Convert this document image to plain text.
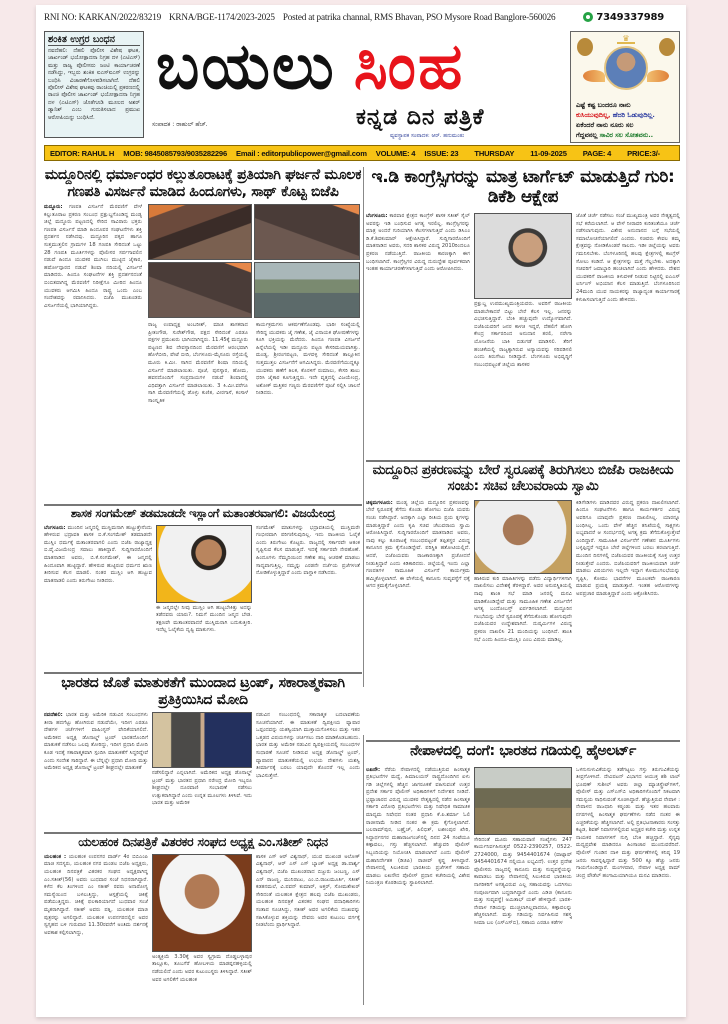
RNI NO: KARKAN/2022/83219 KRNA/BGE-1174/2023-2025 Posted at patrika channal, RMS Bhavan, PSO Mysore Road Banglore-560026	7349337989
ಶಂಕಿತ ಉಗ್ರರ ಬಂಧನ
ನವದೆಹಲಿ: ದೆಹಲಿ ಪೊಲೀಸ ವಿಶೇಷ ಘಟಕ, ಜಾರ್ಖಂಡ್ ಭಯೋತ್ಪಾದನಾ ನಿಗ್ರಹ ದಳ (ಎಟಿಎಸ್) ಮತ್ತು ರಾಜ್ಯ ಪೊಲೀಸರು ಜಂಟಿ ಕಾರ್ಯಾಚರಣೆ ನಡೆಸಿದ್ದು, ಇಬ್ಬರು ಶಂಕಿತ ಐಎಸ್‌ಐಎಸ್ ಉಗ್ರರನ್ನು ಬಂಧಿಸಿ ವಿಚಾರಣೆಗೊಳಪಡಿಸಲಾಗಿದೆ. ದೆಹಲಿ ಪೊಲೀಸ್ ವಿಶೇಷ ಘಟಕವು ರಾಂಚಿಯಲ್ಲಿ ಪ್ರಕರಣದಲ್ಲಿ ರಾಂಚಿ ಪೊಲೀಸ ಜಾರ್ಖಂಡ್ ಭಯೋತ್ಪಾದನಾ ನಿಗ್ರಹ ದಳ (ಎಟಿಎಸ್) ಜೊತೆಗೂಡಿ ಮೂಲದ ಅಶರ್ ಡ್ಯಾನಿಶ್ ಎಂಬ ಗುರುತಿಸಲಾದ ಪ್ರಮುಖ ಆರೋಪಿಯನ್ನು ಬಂಧಿಸಿದೆ.
ಬಯಲು ಸಿಂಹ
ಕನ್ನಡ ದಿನ ಪತ್ರಿಕೆ
ಸಂಪಾದಕ : ರಾಹುಲ್ ಹೆಚ್.
ವ್ಯವಸ್ಥಾಪಕ ಸಂಪಾದಕ: ಆರ್. ಹನುಮಂತು
♛
ಎಷ್ಟೆ ಕಷ್ಟ ಬಂದರೂ ನಾನು
ಕುಸಿಯುವುದಿಲ್ಲ, ಹೆದರಿ ಓಡುವುದಿಲ್ಲ.
ಏಕೆಂದರೆ ನಾನು ನೂರು ಸಲ
ಗೆದ್ದವನಲ್ಲ ಸಾವಿರ ಸಲ ಸೋತವನು..
EDITOR: RAHUL H MOB: 9845085793/9035282296 Email : editorpublicpower@gmail.com VOLUME: 4 ISSUE: 23 THURSDAY 11-09-2025 PAGE: 4 PRICE:3/-
ಮದ್ದೂರಿನಲ್ಲಿ ಧರ್ಮಾಂಧರ ಕಲ್ಲುತೂರಾಟಕ್ಕೆ ಪ್ರತಿಯಾಗಿ ಘರ್ಜನೆ ಮೂಲಕ ಗಣಪತಿ ವಿಸರ್ಜನೆ ಮಾಡಿದ ಹಿಂದೂಗಳು, ಸಾಥ್ ಕೊಟ್ಟ ಬಿಜೆಪಿ
ಮದ್ದೂರು: ಗಣಪತಿ ವಿಸರ್ಜನೆ ಮೆರವಣಿಗೆ ವೇಳೆ ಕಲ್ಲುತೂರಾಟ ಪ್ರಕರಣ ಸಂಬಂಧ ಪ್ರಕ್ಷುಬ್ಧಗೊಂಡಿದ್ದ ಮಂಡ್ಯ ಜಿಲ್ಲೆ ಮದ್ದೂರು ಪಟ್ಟಣದಲ್ಲಿ ಸೇರಿದ ಸಾವಿರಾರು ಭಕ್ತರು ಗಣಪತಿ ವಿಸರ್ಜನೆ ಮಾಡಿ ಹಿಂದೂಪರ ಸಂಘಟನೆಗಳು ಶಕ್ತಿ ಪ್ರದರ್ಶನ ನಡೆಸಿದವು. ಮದ್ದೂರಿನ ಪಕ್ಕದ ಹಾಗೂ ಸುತ್ತಮುತ್ತಲಿನ ಗ್ರಾಮಗಳ 18 ಗಣಪತಿ ಸೇರಿದಂತೆ ಒಟ್ಟು 28 ಗಣಪತಿ ಮೂರ್ತಿಗಳನ್ನು ಪೊಲೀಸರ ಸರ್ಪಗಾವಲಿನ ನಡುವೆ ಹಿಂದೂ ಯುವಕರ ಮುಗಿಲು ಮುಟ್ಟಿದ ಜೈಕಾರ, ಹರ್ಷೋದ್ಗಾರದ ನಡುವೆ ಶಿಂಷಾ ನದಿಯಲ್ಲಿ ವಿಸರ್ಜನೆ ಮಾಡಿದರು. ಹಿಂದೂ ಸಂಘಟನೆಗಳ ಶಕ್ತಿ ಪ್ರದರ್ಶನದಂತೆ ಬಿಂಬಿತವಾಗಿದ್ದ ಮೆರವಣಿಗೆ ನಿರೀಕ್ಷೆಗೂ ಮೀರಿದ ಹಿಂದೂ ಯುವಕರು ಆಗಮಿಸಿ ಹಿಂದೂ ರಾಷ್ಟ್ರ ಒಂದು ಎಂಬ ಸಂದೇಶವನ್ನು ರವಾನಿಸಿದರು. ಬಿಜೆಪಿ ಮುಖಂಡರು ವಿಸರ್ಜನೆಯಲ್ಲಿ ಭಾಗಿಯಾಗಿದ್ದರು.
ರಾಜ್ಯ ಉಪಾಧ್ಯಕ್ಷ ಅಂಬರೀಶ್, ಮಾಜಿ ಶಾಸಕರಾದ ಪ್ರೀತಂಗೌಡ, ಸುರೇಶ್‌ಗೌಡ, ಪಕ್ಷದ ಸೇರಿದಂತೆ ಎರಡೂ ಪಕ್ಷಗಳ ಪ್ರಮುಖರು ಭಾಗಿಯಾಗಿದ್ದರು. 11.45ಕ್ಕೆ ಮದ್ದೂರು ಪಟ್ಟಣದ ಶಿವ ದೇವಸ್ಥಾನದಿಂದ ಮೆರವಣಿಗೆ ಆರಂಭವಾಗಿ ಹೊಳೆಬೀದಿ, ಪೇಟೆ ಬೀದಿ, ಬೆಂಗಳೂರು-ಮೈಸೂರು ರಸ್ತೆಯಲ್ಲಿ ಮೂರು ಕಿ.ಮೀ. ಸಾಗಿದ ಮೆರವಣಿಗೆ ಶಿಂಷಾ ನದಿಯಲ್ಲಿ ವಿಸರ್ಜನೆ ಮಾಡಲಾಯಿತು. ಪೂಜೆ, ಪುನಸ್ಕಾರ, ಹೋಮ, ಹವನದೊಂದಿಗೆ ಸಂಪ್ರದಾಯಗಳ ನಡುವೆ ಶಿಂಷಾದಲ್ಲಿ ವಿಧಿವತ್ತಾಗಿ ವಿಸರ್ಜನೆ ಮಾಡಲಾಯಿತು. 3 ಕಿ.ಮೀ.ವರೆಗೂ ಸಾಗಿ ಮೆರವಣಿಗೆಯಲ್ಲಿ ಡೊಳ್ಳು ಕುಣಿತ, ವೀರಗಾಸೆ, ಕಂಸಾಳೆ ಸಾಂಸ್ಕೃತಿಕ
ಕಾರ್ಯಕ್ರಮಗಳು ಆಕರ್ಷಣೆಗೊಂಡವು. ಭಾರೀ ಸಂಖ್ಯೆಯಲ್ಲಿ ಸೇರಿದ್ದ ಯುವಕರು ಜೈ ಗಣೇಶ, ಜೈ ವಿನಾಯಕ ಘೋಷಣೆಗಳನ್ನು ಕೂಗಿ ಭಕ್ತಿಯನ್ನು ಮೆರೆದರು. ಹಿಂದೂ ಗಣಪತಿ ವಿಸರ್ಜನೆ ಹಿನ್ನೆಲೆಯಲ್ಲಿ ಇಡೀ ಮದ್ದೂರು ಪಟ್ಟಣ ಕೇಸರಿಮಯವಾಗಿತ್ತು. ಮಂಡ್ಯ, ಶ್ರೀರಂಗಪಟ್ಟಣ, ಮಳವಳ್ಳಿ ಸೇರಿದಂತೆ ತಾಲ್ಲೂಕಿನ ಸುತ್ತಮುತ್ತಲ ವಿಸರ್ಜನೆಗೆ ಆಗಮಿಸಿದ್ದರು. ಮೆರವಣಿಗೆಯುದ್ದಕ್ಕೂ ಯುವಕರು ಹಣೆಗೆ ತಿಲಕ, ಕೊರಳಿಗೆ ರುಮಾಲು, ಕೇಸರಿ ಶಾಲು ಧರಿಸಿ ಜೈಕಾರ ಕೂಗುತ್ತಿದ್ದರು. ಇದೇ ವೃತ್ತದಲ್ಲಿ ವಿಜಯೇಂದ್ರ, ಅಶೋಕ್ ಮತ್ತಿತರ ಗಣ್ಯರು ಮೆರವಣಿಗೆಗೆ ಪೂಜೆ ಸಲ್ಲಿಸಿ ಚಾಲನೆ ನೀಡಿದರು.
ಶಾಸಕ ಸಂಗಮೇಶ್ ತಡಮಾಡದೇ ಇಸ್ಲಾಂಗೆ ಮತಾಂತರವಾಗಲಿ: ವಿಜಯೇಂದ್ರ
ಬೆಂಗಳೂರು: ಮುಂದಿನ ಜನ್ಮದಲ್ಲಿ ಮುಸ್ಲಿಮನಾಗಿ ಹುಟ್ಟುತ್ತೇನೆಂದು ಹೇಳಿರುವ ಭದ್ರಾವತಿ ಶಾಸಕ ಬಿ.ಕೆ.ಸಂಗಮೇಶ್ ತಡಮಾಡದೇ ಮುಸ್ಲಿಂ ಧರ್ಮಕ್ಕೆ ಮತಾಂತರವಾಗಲಿ ಎಂದು ಬಿಜೆಪಿ ರಾಜ್ಯಾಧ್ಯಕ್ಷ ಬಿ.ವೈ.ವಿಜಯೇಂದ್ರ ಸವಾಲು ಹಾಕಿದ್ದಾರೆ. ಸುದ್ದಿಗಾರರೊಂದಿಗೆ ಮಾತನಾಡಿದ ಅವರು, ಬಿ.ಕೆ.ಸಂಗಮೇಶ್, ಈ ಜನ್ಮದಲ್ಲಿ ಹಿಂದೂವಾಗಿ ಹುಟ್ಟಿದ್ದಾರೆ. ಹೇಳಿರುವ ಹುಟ್ಟಿರುವ ಧರ್ಮದ ಋಣ ತೀರಿಸುವ ಕೆಲಸ ಮಾಡಲಿ. ನಂತರ ಮುಸ್ಲಿಂ ಆಗಿ ಹುಟ್ಟುವ ಮಾತನಾಡಲಿ ಎಂದು ತಿರುಗೇಟು ನೀಡಿದರು.
ಈ ಜನ್ಮದಲ್ಲೇ ನೀವು ಮುಸ್ಲಿಂ ಆಗಿ ಹುಟ್ಟಬೇಕಿತ್ತು ಅದನ್ನು ತಡೆದವರು ಯಾರು?. ನಿಮಗೆ ಮುಂದಿನ ಜನ್ಮದ ಬೇಡ. ತಕ್ಷಣವೇ ಮತಾಂತರವಾದರೆ ಮುಸ್ಲಿಮರಾಗಿ ಬದುಕುತ್ತೀರಿ. ಇದೆಲ್ಲ ಓಲೈಕೆಯ ದೃಷ್ಟಿ ಮಾತುಗಳು.
ಸಂಗಮೇಶ್ ಮಾತುಗಳನ್ನು ಭದ್ರಾವತಿಯಲ್ಲಿ ಮುಸ್ಲಿಮರೇ ಗಂಭೀರವಾಗಿ ಪರಿಗಣಿಸುವುದಿಲ್ಲ. ಇದು ರಾಜಕೀಯ ಓಲೈಕೆ ಎಂದು ತಿರುಗೇಟು ಕೊಟ್ಟರು. ರಾಜ್ಯದಲ್ಲಿ ಸರ್ಕಾರವೇ ಆತಂಕ ಸೃಷ್ಟಿಸುವ ಕೆಲಸ ಮಾಡುತ್ತಿದೆ. ಇದಕ್ಕೆ ಸರ್ಕಾರವೇ ನೇರಹೊಣೆ. ಹಿಂದೂಗಳು ನೆಮ್ಮದಿಯಿಂದ ಗಣೇಶ ಹಬ್ಬ ಆಚರಣೆ ಮಾಡಲು ಸಾಧ್ಯವಾಗುತ್ತಿಲ್ಲ. ನಮ್ಮನ್ನು ಎರಡನೇ ದರ್ಜೆಯ ಪ್ರಜೆಗಳಂತೆ ನೋಡಿಕೊಳ್ಳುತ್ತಿದ್ದಾರೆ ಎಂದು ವಾಗ್ದಾಳಿ ನಡೆಸಿದರು.
ಭಾರತದ ಜೊತೆ ಮಾತುಕತೆಗೆ ಮುಂದಾದ ಟ್ರಂಪ್, ಸಕಾರಾತ್ಮಕವಾಗಿ ಪ್ರತಿಕ್ರಿಯಿಸಿದ ಮೋದಿ
ನವದೆಹಲಿ: ಭಾರತ ಮತ್ತು ಅಮೆರಿಕ ನಡುವಿನ ಸಂಬಂಧಗಳು ತೀರಾ ಹದಗೆಟ್ಟು ಹೋಗಿರುವ ನಡುವೆಯೇ, ಇದೀಗ ಎರಡೂ ದೇಶಗಳ ಚರ್ಚೆಗಳಿಗೆ ವಾಷಿಂಗ್ಟನ್ ವೇದಿಕೆಯಾಗಲಿದೆ. ಅಮೆರಿಕದ ಅಧ್ಯಕ್ಷ ಡೊನಾಲ್ಡ್ ಟ್ರಂಪ್ ಭಾರತದೊಂದಿಗೆ ಮಾತುಕತೆ ನಡೆಸಲು ಒಲವು ತೋರಿದ್ದು, ಇದೀಗ ಪ್ರಧಾನಿ ಮೋದಿ ಕೂಡ ಇದಕ್ಕೆ ಸಕಾರಾತ್ಮಕವಾಗಿ ಸ್ಪಂದಿಸಿ ಮಾತುಕತೆಗೆ ಸಿದ್ಧರಿದ್ದೇವೆ ಎಂದು ಸಂದೇಶ ಸಾರಿದ್ದಾರೆ. ಈ ಬೆನ್ನಲ್ಲೇ ಪ್ರಧಾನಿ ಮೋದಿ ಮತ್ತು ಅಮೆರಿಕದ ಅಧ್ಯಕ್ಷ ಡೊನಾಲ್ಡ್ ಟ್ರಂಪ್ ಶೀಘ್ರದಲ್ಲೇ ಮಾತುಕತೆ
ನಡೆಸಲಿದ್ದಾರೆ ಎನ್ನಲಾಗಿದೆ. ಅಮೆರಿಕದ ಅಧ್ಯಕ್ಷ ಡೊನಾಲ್ಡ್ ಟ್ರಂಪ್ ಮತ್ತು ಭಾರತದ ಪ್ರಧಾನಿ ನರೇಂದ್ರ ಮೋದಿ ಇಬ್ಬರೂ ಶೀಘ್ರದಲ್ಲೇ ದೂರವಾಣಿ ಸಂಭಾಷಣೆ ನಡೆಸಲು ಉತ್ಸುಕರಾಗಿದ್ದಾರೆ ಎಂದು ಉನ್ನತ ಮೂಲಗಳು ತಿಳಿಸಿವೆ. ಇದು ಭಾರತ ಮತ್ತು ಅಮೆರಿಕ
ನಡುವಿನ ಸಂಬಂಧದಲ್ಲಿ ಸಕಾರಾತ್ಮಕ ಬದಲಾವಣೆಯ ಸೂಚನೆಯಾಗಿದೆ. ಈ ಮಾತುಕತೆ ದ್ವಿಪಕ್ಷೀಯ ವ್ಯಾಪಾರ ಒಪ್ಪಂದವನ್ನು ಯಶಸ್ವಿಯಾಗಿ ಮುಕ್ತಾಯಗೊಳಿಸಲು ಮತ್ತು ಇತರ ಒತ್ತಡದ ವಿಷಯಗಳನ್ನು ಚರ್ಚಿಸಲು ದಾರಿ ಮಾಡಿಕೊಡಬಹುದು. ಭಾರತ ಮತ್ತು ಅಮೆರಿಕ ನಡುವಿನ ದ್ವಿಪಕ್ಷೀಯದಲ್ಲಿ ಸಂಬಂಧಗಳ ಸುಧಾರಣೆ ಸೂಚನೆ ನೀಡಿರುವ ಅಧ್ಯಕ್ಷ ಡೊನಾಲ್ಡ್ ಟ್ರಂಪ್, ವ್ಯಾಪಾರದ ಮಾತುಕತೆಯಲ್ಲಿ ಉಭಯ ದೇಶಗಳು ಯಶಸ್ವಿ ತೀರ್ಮಾನಕ್ಕೆ ಬರಲು ಯಾವುದೇ ತೊಂದರೆ ಇಲ್ಲ ಎಂದು ಭಾವಿಸುತ್ತೇನೆ.
ಯಲಹಂಕ ದಿನಪತ್ರಿಕೆ ವಿತರಕರ ಸಂಘದ ಅಧ್ಯಕ್ಷ ಎಂ.ಸತೀಶ್ ನಿಧನ
ಯಲಹಂಕ : ಯಲಹಂಕ ಉಪನಗರ ವಾರ್ಡ್ 4ರ ಬಿಬಿಎಂಪಿ ಮಾಜಿ ಸದಸ್ಯರು, ಯಲಹಂಕ ನಗರ ಮಂಡಲ ಬಿಜೆಪಿ ಅಧ್ಯಕ್ಷರು, ಯಲಹಂಕ ದಿನಪತ್ರಿಕೆ ವಿತರಕರ ಸಂಘದ ಅಧ್ಯಕ್ಷರಾಗಿದ್ದ ಎಂ.ಸತೀಶ್(56) ಅವರು ಬುಧವಾರ ಸಂಜೆ ನಿಧನರಾಗಿದ್ದಾರೆ. ಕಳೆದ ಕೆಲ ತಿಂಗಳಿಂದ ಎಂ ಸತೀಶ್ ರವರು ಅನಾರೋಗ್ಯ ಸಮಸ್ಯೆಯಿಂದ ಬಳಲುತ್ತಿದ್ದು, ಆಸ್ಪತ್ರೆಯಲ್ಲಿ ಚಿಕಿತ್ಸೆ ಪಡೆಯುತ್ತಿದ್ದರು. ಚಿಕಿತ್ಸೆ ಫಲಕಾರಿಯಾಗದೆ ಬುಧವಾರ ಸಂಜೆ ಮೃತರಾಗಿದ್ದಾರೆ. ಸತೀಶ್ ಅವರು ಪತ್ನಿ, ಯಲಹಂಕ ಮಾಜಿ ಪುತ್ರರನ್ನು ಅಗಲಿದ್ದಾರೆ. ಯಲಹಂಕ ಉಪನಗರದಲ್ಲಿನ ಅವರ ಸ್ವಗೃಹದ ಬಳಿ ಗುರುವಾರ 11.30ರವರೆಗೆ ಅಂತಿಮ ದರ್ಶನಕ್ಕೆ ಅವಕಾಶ ಕಲ್ಪಿಸಲಾಗಿದ್ದು,
ಅಂತ್ಯಕ್ರಿಯೆ 3.30ಕ್ಕೆ ಅವರ ಸ್ವಗ್ರಾಮ ದೊಡ್ಡಬಳ್ಳಾಪುರ ತಾಲ್ಲೂಕು, ತೂಬಗೆರೆ ಹೋಬಳಿಯ ಮಾಡಪ್ಪನಹಳ್ಳಿಯಲ್ಲಿ ನಡೆಯಲಿದೆ ಎಂದು ಅವರ ಕುಟುಂಬಸ್ಥರು ತಿಳಿಸಿದ್ದಾರೆ. ಸತೀಶ್ ಅವರ ಅಗಲಿಕೆಗೆ ಯಲಹಂಕ
ಶಾಸಕ ಎಸ್ ಆರ್ ವಿಶ್ವನಾಥ್, ಯುವ ಮುಖಂಡ ಅಲೋಕ್ ವಿಶ್ವನಾಥ್, ಆರ್ ಎಸ್ ಎಸ್ ಬ್ಯಾಂಕ್ ಅಧ್ಯಕ್ಷ ಡಾ.ಪಾರ್ಶ್ವ ವಿಶ್ವನಾಥ್, ಬಿಜೆಪಿ ಮುಖಂಡರಾದ ಬಿಜ್ಜುರು ಜಂಬಣ್ಣ, ಎಸ್ ಎನ್ ರಾಜಣ್ಣ, ಮುನಿರಾಜು, ಎಂ.ಬಿ.ರಾಜುಮೂರ್ತಿ, ಸತೀಶ್ ಕಡತನಮಲೆ, ವಿ.ಪವನ್ ಕುಮಾರ್, ಅಕ್ತರ್, ಸೋಮಶೇಖರ್ ಸೇರಿದಂತೆ ಯಲಹಂಕ ಕ್ಷೇತ್ರದ ಹಲವು ಬಿಜೆಪಿ ಮುಖಂಡರು, ಯಲಹಂಕ ದಿನಪತ್ರಿಕೆ ವಿತರಕರ ಸಂಘದ ಪದಾಧಿಕಾರಿಗಳು ಸಂತಾಪ ಸೂಚಿಸಿದ್ದು, ಸತೀಶ್ ಅವರ ಅಗಲಿಕೆಯ ದುಃಖವನ್ನು ಸಹಿಸಿಕೊಳ್ಳುವ ಶಕ್ತಿಯನ್ನು ದೇವರು ಅವರ ಕುಟುಂಬ ವರ್ಗಕ್ಕೆ ನೀಡಲೆಂದು ಪ್ರಾರ್ಥಿಸಿದ್ದಾರೆ.
ಇ.ಡಿ ಕಾಂಗ್ರೆಸ್ಸಿಗರನ್ನು ಮಾತ್ರ ಟಾರ್ಗೆಟ್ ಮಾಡುತ್ತಿದೆ ಗುರಿ: ಡಿಕೆಶಿ ಆಕ್ಷೇಪ
ಬೆಂಗಳೂರು: ಕಾರವಾರ ಕ್ಷೇತ್ರದ ಕಾಂಗ್ರೆಸ್ ಶಾಸಕ ಸತೀಶ್ ಸೈಲ್ ಅವರನ್ನು ಇಡಿ ಬಂಧಿಸುವ ಅಗತ್ಯ ಇರಲಿಲ್ಲ. ಕಾಂಗ್ರೆಸ್ಸಿಗರನ್ನು ಮಾತ್ರ ಅಂದರೆ ಗುರಿಯಾಗಿಸಿ ಕೆಲಸಗಳಾಗುತ್ತಿವೆ ಎಂದು ಡಿಸಿಎಂ ಡಿ.ಕೆ.ಶಿವಕುಮಾರ್ ಆಕ್ಷೇಪಿಸಿದ್ದಾರೆ. ಸುದ್ದಿಗಾರರೊಂದಿಗೆ ಮಾತನಾಡಿದ ಅವರು, ಸದರಿ ಶಾಸಕರ ವಿರುದ್ಧ 2010ರಿಂದಲೂ ಪ್ರಕರಣ ನಡೆಯುತ್ತಿದೆ. ರಾಜಕೀಯ ಕಾರಣಕ್ಕಾಗಿ ಈಗ ಬಂಧಿಸಲಾಗಿದೆ. ಕಾಂಗ್ರೆಸ್ಸಿಗರ ವಿರುದ್ಧ ದುರುದ್ದೇಶ ಪೂರ್ವಕವಾಗಿ ಇಂತಹ ಕಾರ್ಯಾಚರಣೆಗಳಾಗುತ್ತಿವೆ ಎಂದು ಆರೋಪಿಸಿದರು.
ಪ್ರಕ್ಷುಬ್ಧ ಉಪಮುಖ್ಯಮಂತ್ರಿಯವರು. ಅವರಿಗೆ ರಾಜಕೀಯ ಮಾಡಬೇಕಾದರೆ ಬಿಟ್ಟು ಬೇರೆ ಕೆಲಸ ಇಲ್ಲ. ಜನರನ್ನು ವಿಭಜಿಸುತ್ತಿದ್ದಾರೆ. ಬೆಂಕಿ ಹಚ್ಚುವುದೇ ಉದ್ಯೋಗವಾಗಿದೆ. ಬಿಜೆಪಿಯವರಿಗೆ ಜನರ ಕಾಳಜಿ ಇದ್ದರೆ, ದೆಹಲಿಗೆ ಹೋಗಿ ಕೇಂದ್ರ ಸರ್ಕಾರದಿಂದ ಅನುದಾನ ತರಲಿ, ನರೇಗಾ ಯೋಜನೆಯ ಬಾಕಿ ಬಿಡುಗಡೆ ಮಾಡಿಸಲಿ. ತೆರಿಗೆ ಹಂಚಿಕೆಯಲ್ಲಿ ರಾಜ್ಯಕ್ಕಾಗಿರುವ ಅನ್ಯಾಯವನ್ನು ಸರಿಪಡಿಸಲಿ ಎಂದು ತಿರುಗೇಟು ನೀಡಿದ್ದಾರೆ. ಬೆಂಗಳೂರು ಅಭಿವೃದ್ಧಿಗೆ ಸಂಬಂಧಪಟ್ಟಂತೆ ಜಿಲ್ಲೆಯ ಶಾಸಕರ
ಜೊತೆ ಚರ್ಚೆ ನಡೆಸಲು ಸಂಜೆ ಮುಖ್ಯಮಂತ್ರಿ ಅವರ ನೇತೃತ್ವದಲ್ಲಿ ಸಭೆ ಕರೆಯಲಾಗಿದೆ. ಆ ವೇಳೆ ನೀರಾವರಿ ಕುರಿತಂತೆಯೂ ಚರ್ಚೆ ನಡೆಸಲಾಗುವುದು. ವಿಶೇಷ ಅನುದಾನದ ಬಗ್ಗೆ ಸಭೆಯಲ್ಲಿ ಸಮಾಲೋಚನೆಯಾಗಲಿದೆ ಎಂದರು. ಸಚಿವರು ಕೇವಲ ತಮ್ಮ ಕ್ಷೇತ್ರವನ್ನು ನೋಡಿಕೊಂಡರೆ ಸಾಲದು. ಇಡೀ ಜಿಲ್ಲೆಯನ್ನು ಅವರು ಗಮನಿಸಬೇಕು. ಬೆಂಗಳೂರಿನಲ್ಲಿ ಹಲವು ಕ್ಷೇತ್ರಗಳಲ್ಲಿ ಕಾಂಗ್ರೆಸ್ ಸೋಲು ಕಂಡಿದೆ. ಆ ಕ್ಷೇತ್ರಗಳನ್ನು ಮತ್ತೆ ಗೆಲ್ಲಬೇಕು. ಅದಕ್ಕಾಗಿ ಸಚಿವರಿಗೆ ಜವಾಬ್ದಾರಿ ಹಂಚಲಾಗಿದೆ ಎಂದು ಹೇಳಿದರು. ದೇಶದ ಯುವಕರಿಗೆ ರಾಜಕೀಯ ತಿಳುವಳಿಕೆ ನೀಡುವ ನಿಟ್ಟಿನಲ್ಲಿ ಐಎಎಸ್ ಲರ್ನಿಂಗ್ ಅಭಿಯಾನ ಕೆಲಸ ಮಾಡುತ್ತಿದೆ. ಬೆಂಗಳೂರಿನಿಂದ 24ಮಂದಿ ಯುವ ನಾಯಕರನ್ನು ರಾಜ್ಯಾದ್ಯಂತ ಕಾರ್ಯಾಗಾರಕ್ಕೆ ಕಳುಹಿಸಲಾಗುತ್ತಿದೆ ಎಂದು ಹೇಳಿದರು.
ಮದ್ದೂರಿನ ಪ್ರಕರಣವನ್ನು ಬೇರೆ ಸ್ವರೂಪಕ್ಕೆ ತಿರುಗಿಸಲು ಬಿಜೆಪಿ ರಾಜಕೀಯ ಸಂಚು: ಸಚಿವ ಚೆಲುವರಾಯ ಸ್ವಾಮಿ
ಚಿಕ್ಕಮಗಳೂರು: ಮಂಡ್ಯ ಜಿಲ್ಲೆಯ ಮದ್ದೂರಿನ ಪ್ರಕರಣವನ್ನು ಬೇರೆ ಸ್ವರೂಪಕ್ಕೆ ತೆಗೆದು ಕೊಂಡು ಹೋಗಲು ಬಿಜೆಪಿ ಯವರು ಸಂಚು ನಡೆಸಿದ್ದಾರೆ. ಅದಕ್ಕಾಗಿ ಎಲ್ಲಾ ರೀತಿಯ ಪ್ರಯ ತ್ನಗಳನ್ನು ಮಾಡುತ್ತಿದ್ದಾರೆ ಎಂದು ಕೃಷಿ ಸಚಿವ ಚೆಲುವರಾಯ ಸ್ವಾಮಿ ಆರೋಪಿಸಿದ್ದಾರೆ. ಸುದ್ದಿಗಾರರೊಂದಿಗೆ ಮಾತನಾಡಿದ ಅವರು, ನಾವು ಕಲ್ಲು ತೂರಾಟಕ್ಕೆ ಸಂಬಂಧಪಟ್ಟಂತೆ ತಪ್ಪಿತಸ್ಥರ ವಿರುದ್ಧ ಕಾನೂನಿನ ಕ್ರಮ ಕೈಗೊಂಡಿದ್ದೇವೆ. ಪರಿಸ್ಥಿತಿ ಹತೋಟಿಯಲ್ಲಿದೆ. ಆದರೆ, ಬಿಜೆಪಿಯವರು ರಾಜಕಾರಣಕ್ಕಾಗಿ ಪ್ರಚೋದನೆ ನೀಡುತ್ತಿದ್ದಾರೆ ಎಂದು ಕಿಡಿಕಾರಿದರು. ಜಿಲ್ಲೆಯಲ್ಲಿ ಇಂದು ಎಲ್ಲಾ ಗಣಪತಿಗಳ ಸಾಮೂಹಿಕ ವಿಸರ್ಜನೆ ಕಾರ್ಯಕ್ರಮ ಹಮ್ಮಿಕೊಳ್ಳಲಾಗಿದೆ. ಈ ವೇಳೆಯಲ್ಲಿ ಕಾನೂನು ಸುವ್ಯವಸ್ಥೆಗೆ ಧಕ್ಕೆ ಆಗದ ಕ್ರಮಕೈಗೊಳ್ಳಲಾಗಿದೆ.
ಹಾಕಿರುವ ಕುರಿ ಮಾಹಿತಿಗಳನ್ನು ಪಡೆದು ವಿದ್ಯಾರ್ಥಿಗಳಿಗಾಗಿ ದಾಖಲಿಸಲು ವಿದೇಶಕ್ಕೆ ತೆರಳಿದ್ದಾರೆ. ಅವರ ಅನುಪಸ್ಥಿತಿಯಲ್ಲಿ ನಾವು ಶಾಂತಿ ಸಭೆ ಮಾಡಿ ಜನರಲ್ಲಿ ಮನವಿ ಮಾಡಿಕೊಂಡಿದ್ದೇವೆ ಮತ್ತು ಸಾಮೂಹಿಕ ಗಣೇಶ ವಿಸರ್ಜನೆಗೆ ಅಗತ್ಯ ಬಂದೋಬಸ್ತ್ ಏರ್ಪಡಿಸಲಾಗಿದೆ. ಮದ್ದೂರಿನ ಗಲಭೆಯನ್ನು ಬೇರೆ ಸ್ವರೂಪಕ್ಕೆ ತೆಗೆದುಕೊಂಡು ಹೋಗುವುದೇ ಬಿಜೆಪಿಯವರ ಉದ್ದೇಶವಾಗಿದೆ. ದುಷ್ಕರ್ಮಿಗಳ ವಿರುದ್ಧ ಪ್ರಕರಣ ದಾಖಲಿಸಿ 21 ಮಂದಿಯನ್ನು ಬಂಧಿಸಿದೆ. ಶಾಂತಿ ಸಭೆ ಎಂದು ಹಿಂದೂ-ಮುಸ್ಲಿಂ ಎಂಬ ವಿಷಯ ಮಾಡಿಲ್ಲ.
ಕಿಡಿಗೇಡಿಗಳು ಮಾಡಿದವರ ವಿರುದ್ಧ ಪ್ರಕರಣ ದಾಖಲಿಸಲಾಗಿದೆ. ಹಿಂದೂ ಸಂಘಟನೆಗಳು ಹಾಗೂ ಕಾರ್ಯಕರ್ತರ ವಿರುದ್ಧ ಅವರಿಗೂ ಯಾವುದೇ ಪ್ರಕರಣ ದಾಖಲಿಸಿಲ್ಲ. ಯಾರನ್ನೂ ಬಂಧಿಸಿಲ್ಲ. ಒಂದು ವೇಳೆ ಹೆಚ್ಚಿನ ತನಿಖೆಯಲ್ಲಿ ಸಾಕ್ಷ್ಯಗಳು ಲಭ್ಯವಾದರೆ ಆ ಸಂದರ್ಭದಲ್ಲಿ ಅಗತ್ಯ ಕ್ರಮ ತೆಗೆದುಕೊಳ್ಳುತ್ತೇವೆ ಎಂದಿದ್ದಾರೆ. ಸಾಮೂಹಿಕ ವಿಸರ್ಜನೆಗೆ ಗಣೇಶನ ಮೂರ್ತಿಗಳು ಬಳ್ಳಪ್ಪಿದ್ದರೆ ಇದ್ದರೂ ಬೇರೆ ಜಿಲ್ಲೆಗಳಿಂದ ಬರಲು ತರಲಾಗುತ್ತಿದೆ. ಮುಂದಿನ ದಿನಗಳಲ್ಲಿ ಬಿಜೆಪಿಯವರ ರಾಜಕೀಯಕ್ಕೆ ಸೂಕ್ತ ಉತ್ತರ ನೀಡುತ್ತೇವೆ ಎಂದರು. ಬಿಜೆಪಿಯವರಿಗೆ ರಾಜಕೀಯವಾಗಿ ಚರ್ಚೆ ಮಾಡಲು ವಿಷಯಗಳು ಇಲ್ಲದೇ ಇದ್ದಾಗ ಕೋಮುಗಲಭೆಯನ್ನು ಸೃಷ್ಟಿಸಿ, ಕೋಮು ಭಾವನೆಗಳ ಮೂಲಕವೇ ರಾಜಕಾರಣ ಮಾಡುವ ಪ್ರಯತ್ನ ಮಾಡುತ್ತಾರೆ. ಇಂತಹ ಆರೋಪಗಳನ್ನು ಅಪಪ್ರಚಾರ ಮಾಡುತ್ತಿದ್ದಾರೆ ಎಂದು ಆಕ್ರೋಶಿಸಿದರು.
ನೇಪಾಳದಲ್ಲಿ ದಂಗೆ: ಭಾರತದ ಗಡಿಯಲ್ಲಿ ಹೈಅಲರ್ಟ್
ಲಖನೌ: ನೆರೆಯ ನೇಪಾಳದಲ್ಲಿ ನಡೆಯುತ್ತಿರುವ ಹಿಂಸಾತ್ಮಕ ಪ್ರತಿಭಟನೆಗಳ ಮಧ್ಯೆ, ಹಿಮಾಲಯನ್ ರಾಷ್ಟ್ರದೊಂದಿಗಿನ ಏಳು ಗಡಿ ಜಿಲ್ಲೆಗಳಲ್ಲಿ ಹೆಚ್ಚಿನ ಜಾಗರೂಕತೆ ವಹಿಸುವಂತೆ ಉತ್ತರ ಪ್ರದೇಶ ಸರ್ಕಾರ ಪೊಲೀಸ್ ಅಧಿಕಾರಿಗಳಿಗೆ ನಿರ್ದೇಶನ ನೀಡಿದೆ. ಭ್ರಷ್ಟಾಚಾರದ ವಿರುದ್ಧ ಯುವಕರ ನೇತೃತ್ವದಲ್ಲಿ ನಡೆದ ಹಿಂಸಾತ್ಮಕ ಸರ್ಕಾರಿ ವಿರೋಧಿ ಪ್ರತಿಭಟನೆಗಳು ಮತ್ತು ನಿಷೇಧಿತ ಸಾಮಾಜಿಕ ಮಾಧ್ಯಮ ನಿಷೇಧದ ನಂತರ ಪ್ರಧಾನಿ ಕೆ.ಪಿ.ಶರ್ಮಾ ಓಲಿ ರಾಜೀನಾಮೆ ನೀಡಿದ ನಂತರ ಈ ಕ್ರಮ ಕೈಗೊಳ್ಳಲಾಗಿದೆ. ಬಲರಾಮ್‌ಪುರ, ಬಹ್ರೈಚ್, ಪಿಲಿಭಿತ್, ಲಖೀಂಪುರ ಖೇರಿ, ಸಿದ್ಧಾರ್ಥನಗರ ಮಹಾರಾಜಗಂಜ್‌ನಲ್ಲಿ ದಿನದ 24 ಗಂಟೆಯೂ ಕಣ್ಗಾವಲು, ಗಸ್ತು ಹೆಚ್ಚಿಸಲಾಗಿದೆ. ಹೆಚ್ಚುವರಿ ಪೊಲೀಸ್ ಸಿಬ್ಬಂದಿಯನ್ನು ನಿಯೋಜಿಸಿ ಮಾಡಲಾಗಿದೆ ಎಂದು ಪೊಲೀಸ್ ಮಹಾನಿರ್ದೇಶಕ (ಡಿಜಿಪಿ) ರಾಜೀವ್ ಕೃಷ್ಣ ತಿಳಿಸಿದ್ದಾರೆ. ನೇಪಾಳದಲ್ಲಿ ಸಿಲುಕಿರುವ ಭಾರತೀಯ ಪ್ರಜೆಗಳಿಗೆ ಸಹಾಯ ಮಾಡಲು ಲಖನೌದ ಪೊಲೀಸ್ ಪ್ರಧಾನ ಕಚೇರಿಯಲ್ಲಿ ವಿಶೇಷ ನಿಯಂತ್ರಣ ಕೊಠಡಿಯನ್ನು ಸ್ಥಾಪಿಸಲಾಗಿದೆ.
ಸೇರಿದಂತೆ ಮೂರು ಸಹಾಯವಾಣಿ ಸಂಖ್ಯೆಗಳು 247 ಕಾರ್ಯನಿರ್ವಹಿಸುತ್ತವೆ 0522-2390257, 0522-2724000, ಮತ್ತು 9454401674 (ವಾಟ್ಸಾಪ್ 9454401674 ನಲ್ಲಿಯೂ ಲಭ್ಯವಿದೆ). ಉತ್ತರ ಪ್ರದೇಶ ಪೊಲೀಸರು ರಾಜ್ಯದಲ್ಲಿ ಕಾನೂನು ಮತ್ತು ಸುವ್ಯವಸ್ಥೆಯನ್ನು ಕಾಪಾಡಲು ಮತ್ತು ನೇಪಾಳದಲ್ಲಿ ಸಿಲುಕಿರುವ ಭಾರತೀಯ ನಾಗರಿಕರಿಗೆ ಅಗತ್ಯವಿರುವ ಎಲ್ಲ ಸಹಾಯವನ್ನು ಒದಗಿಸಲು ಸಂಪೂರ್ಣವಾಗಿ ಬದ್ಧರಾಗಿದ್ದಾರೆ ಎಂದು ಎಡಿಜಿ (ಕಾನೂನು ಮತ್ತು ಸುವ್ಯವಸ್ಥೆ) ಅಮಿತಾಭ್ ಯಶ್ ಹೇಳಿದ್ದಾರೆ. ಭಾರತ-ನೇಪಾಳ ಗಡಿಯನ್ನು ಮುಚ್ಚಲಾಗಿಲ್ಲವಾದರೂ, ಕಣ್ಗಾವಲನ್ನು ಹೆಚ್ಚಿಸಲಾಗಿದೆ. ಮತ್ತು ಗಡಿಯನ್ನು ನಿರ್ವಹಿಸುವ ಸಶಸ್ತ್ರ ಸೀಮಾ ಬಲ (ಎಸ್‌ಎಸ್‌ಬಿ), ಸಹಾಯ ಎರಡೂ ಕಡೆಗಳ
ಒಳನುಸುಳುವಿಕೆಯನ್ನು ತಡೆಗಟ್ಟಲು ಗಸ್ತು ತಿರುಗುವಿಕೆಯನ್ನು ತೀವ್ರಗೊಳಿಸಿದೆ. ದೇವಿಪಟನ್ ವಿಭಾಗದ ಆಯುಕ್ತ ಶಶಿ ಲಾಲ್ ಭೂಷಣ್ ಸುಶೀಲ್ ಅವರು ಜಿಲ್ಲಾ ಮ್ಯಾಜಿಸ್ಟ್ರೇಟ್‌ಗಳಿಗೆ, ಪೊಲೀಸ್ ಮತ್ತು ಎಸ್‌ಎಸ್‌ಬಿ ಅಧಿಕಾರಿಗಳೊಂದಿಗೆ ನಿಕಟವಾಗಿ ಸಮನ್ವಯ ಸಾಧಿಸುವಂತೆ ಸೂಚಿಸಿದ್ದಾರೆ. ಹೆಚ್ಚುತ್ತಿರುವ ನೇಪಾಳ : ನೇಪಾಳದ ರಾಜಧಾನಿ ಕಠ್ಮಂಡು ಮತ್ತು ಇತರ ಹಲವಾರು ನಗರಗಳಲ್ಲಿ ಹಿಂಸಾತ್ಮಕ ಘರ್ಷಣೆಗಳು ನಡೆದ ನಂತರ ಈ ಎಚ್ಚರಿಕೆಯನ್ನು ಹೆಚ್ಚಿಸಲಾಗಿದೆ. ಅಲ್ಲಿ ಪ್ರತಿಭಟನಾಕಾರರು ಸಂಸತ್ತು ಕಟ್ಟಡ, ಶಿವಶ್ ನಿವಾಸಗಳಲ್ಲಿರುವ ಅಧ್ಯಕ್ಷರ ಕಚೇರಿ ಮತ್ತು ಉನ್ನತ ನಾಯಕರ ನಿವಾಸಗಳಿಗೆ ನುಗ್ಗಿ ಬೆಂಕಿ ಹಚ್ಚಿದ್ದಾರೆ. ಸೈನ್ಯವು ಮಧ್ಯಪ್ರವೇಶ ಮಾಡಿದರೂ ಹಿಂಸಾಚಾರ ಮುಂದುವರೆದಿದೆ. ಪೊಲೀಸ್ ಗುಂಡಿನ ದಾಳಿ ಮತ್ತು ಘರ್ಷಣೆಗಳಲ್ಲಿ ಕನಿಷ್ಠ 19 ಜನರು ಸಾವನ್ನಪ್ಪಿದ್ದಾರೆ ಮತ್ತು 500 ಕ್ಕೂ ಹೆಚ್ಚು ಜನರು ಗಾಯಗೊಂಡಿದ್ದಾರೆ. ಮಂಗಳವಾರ, ನೇಪಾಳ ಅಧ್ಯಕ್ಷ ರಾಮ್ ಚಂದ್ರ ಪೌಡೆಲ್ ಹಂಗಾಮಿಯಾಗಿಯೂ ಮನವಿ ಮಾಡಿದರು.
